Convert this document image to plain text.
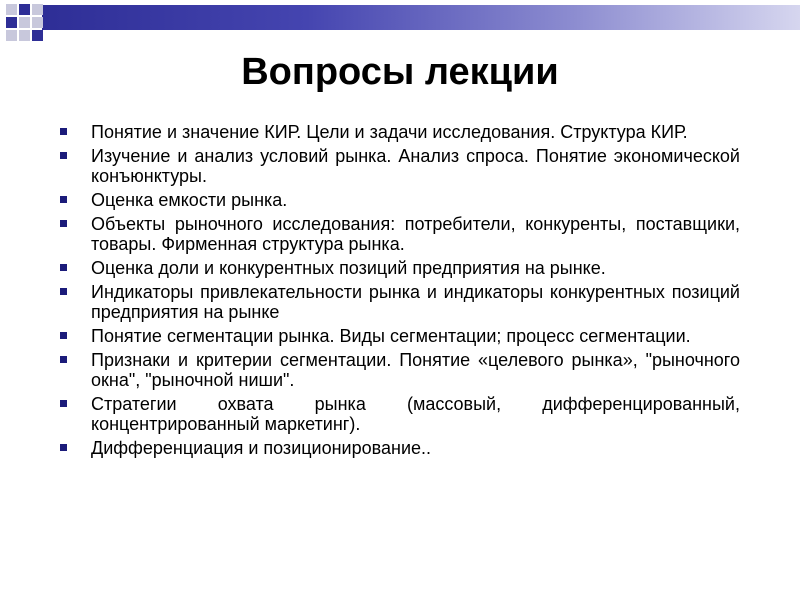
Вопросы лекции
Понятие и значение КИР. Цели и задачи исследования. Структура КИР.
Изучение и анализ условий рынка. Анализ спроса. Понятие экономической конъюнктуры.
Оценка емкости рынка.
Объекты рыночного исследования: потребители, конкуренты, поставщики, товары. Фирменная структура рынка.
Оценка доли и конкурентных позиций предприятия на рынке.
Индикаторы привлекательности рынка и индикаторы конкурентных позиций предприятия на рынке
Понятие сегментации рынка. Виды сегментации; процесс сегментации.
Признаки и критерии сегментации. Понятие «целевого рынка», "рыночного окна", "рыночной ниши".
Стратегии охвата рынка (массовый, дифференцированный, концентрированный маркетинг).
Дифференциация и позиционирование..
